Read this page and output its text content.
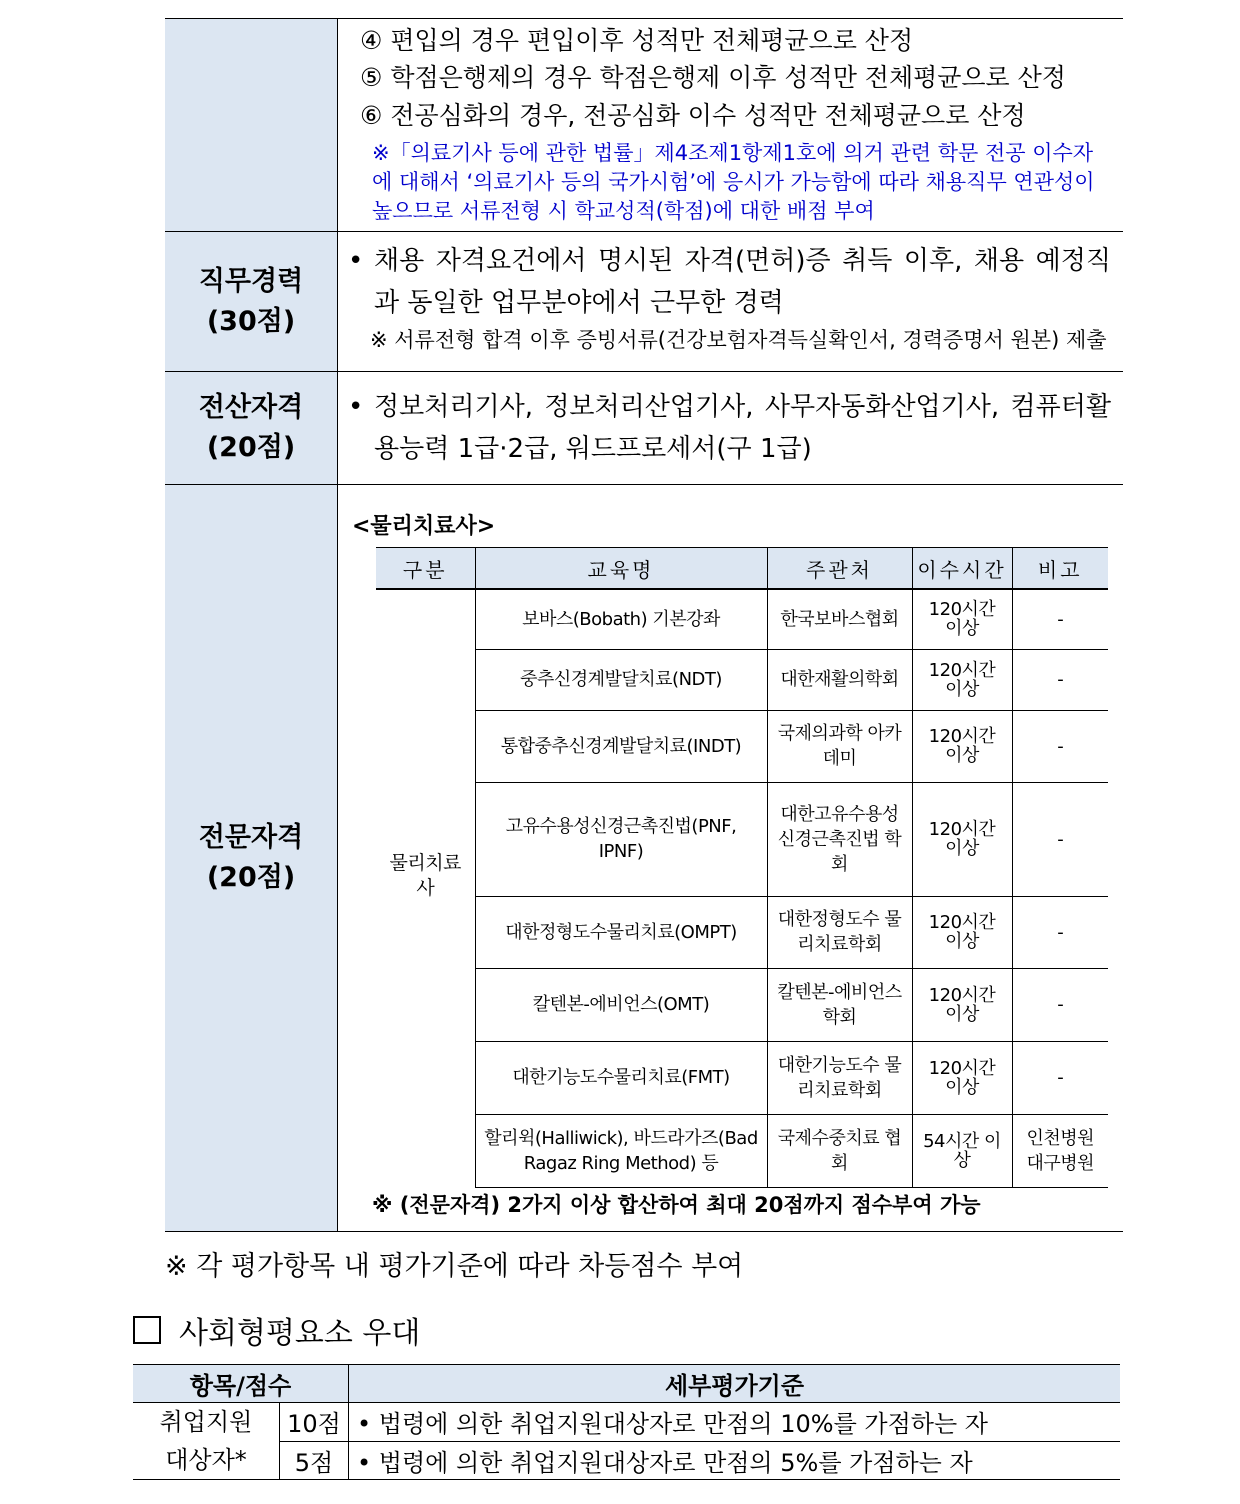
④ 편입의 경우 편입이후 성적만 전체평균으로 산정
⑤ 학점은행제의 경우 학점은행제 이후 성적만 전체평균으로 산정
⑥ 전공심화의 경우, 전공심화 이수 성적만 전체평균으로 산정
※「의료기사 등에 관한 법률」제4조제1항제1호에 의거 관련 학문 전공 이수자에 대해서 ‘의료기사 등의 국가시험’에 응시가 가능함에 따라 채용직무 연관성이 높으므로 서류전형 시 학교성적(학점)에 대한 배점 부여
직무경력
(30점)
• 채용 자격요건에서 명시된 자격(면허)증 취득 이후, 채용 예정직과 동일한 업무분야에서 근무한 경력
※ 서류전형 합격 이후 증빙서류(건강보험자격득실확인서, 경력증명서 원본) 제출
전산자격
(20점)
• 정보처리기사, 정보처리산업기사, 사무자동화산업기사, 컴퓨터활용능력 1급·2급, 워드프로세서(구 1급)
전문자격
(20점)
<물리치료사>
구분	교육명	주관처	이수시간	비고
물리치료사	보바스(Bobath) 기본강좌	한국보바스협회	120시간 이상	-
	중추신경계발달치료(NDT)	대한재활의학회	120시간 이상	-
	통합중추신경계발달치료(INDT)	국제의과학 아카데미	120시간 이상	-
	고유수용성신경근촉진법(PNF, IPNF)	대한고유수용성 신경근촉진법 학회	120시간 이상	-
	대한정형도수물리치료(OMPT)	대한정형도수 물리치료학회	120시간 이상	-
	칼텐본-에비언스(OMT)	칼텐본-에비언스 학회	120시간 이상	-
	대한기능도수물리치료(FMT)	대한기능도수 물리치료학회	120시간 이상	-
	할리윅(Halliwick), 바드라가즈(Bad Ragaz Ring Method) 등	국제수중치료 협회	54시간 이상	인천병원 대구병원
※ (전문자격) 2가지 이상 합산하여 최대 20점까지 점수부여 가능
※ 각 평가항목 내 평가기준에 따라 차등점수 부여
사회형평요소 우대
항목/점수		세부평가기준

취업지원
대상자*	10점	• 법령에 의한 취업지원대상자로 만점의 10%를 가점하는 자
	5점	• 법령에 의한 취업지원대상자로 만점의 5%를 가점하는 자
